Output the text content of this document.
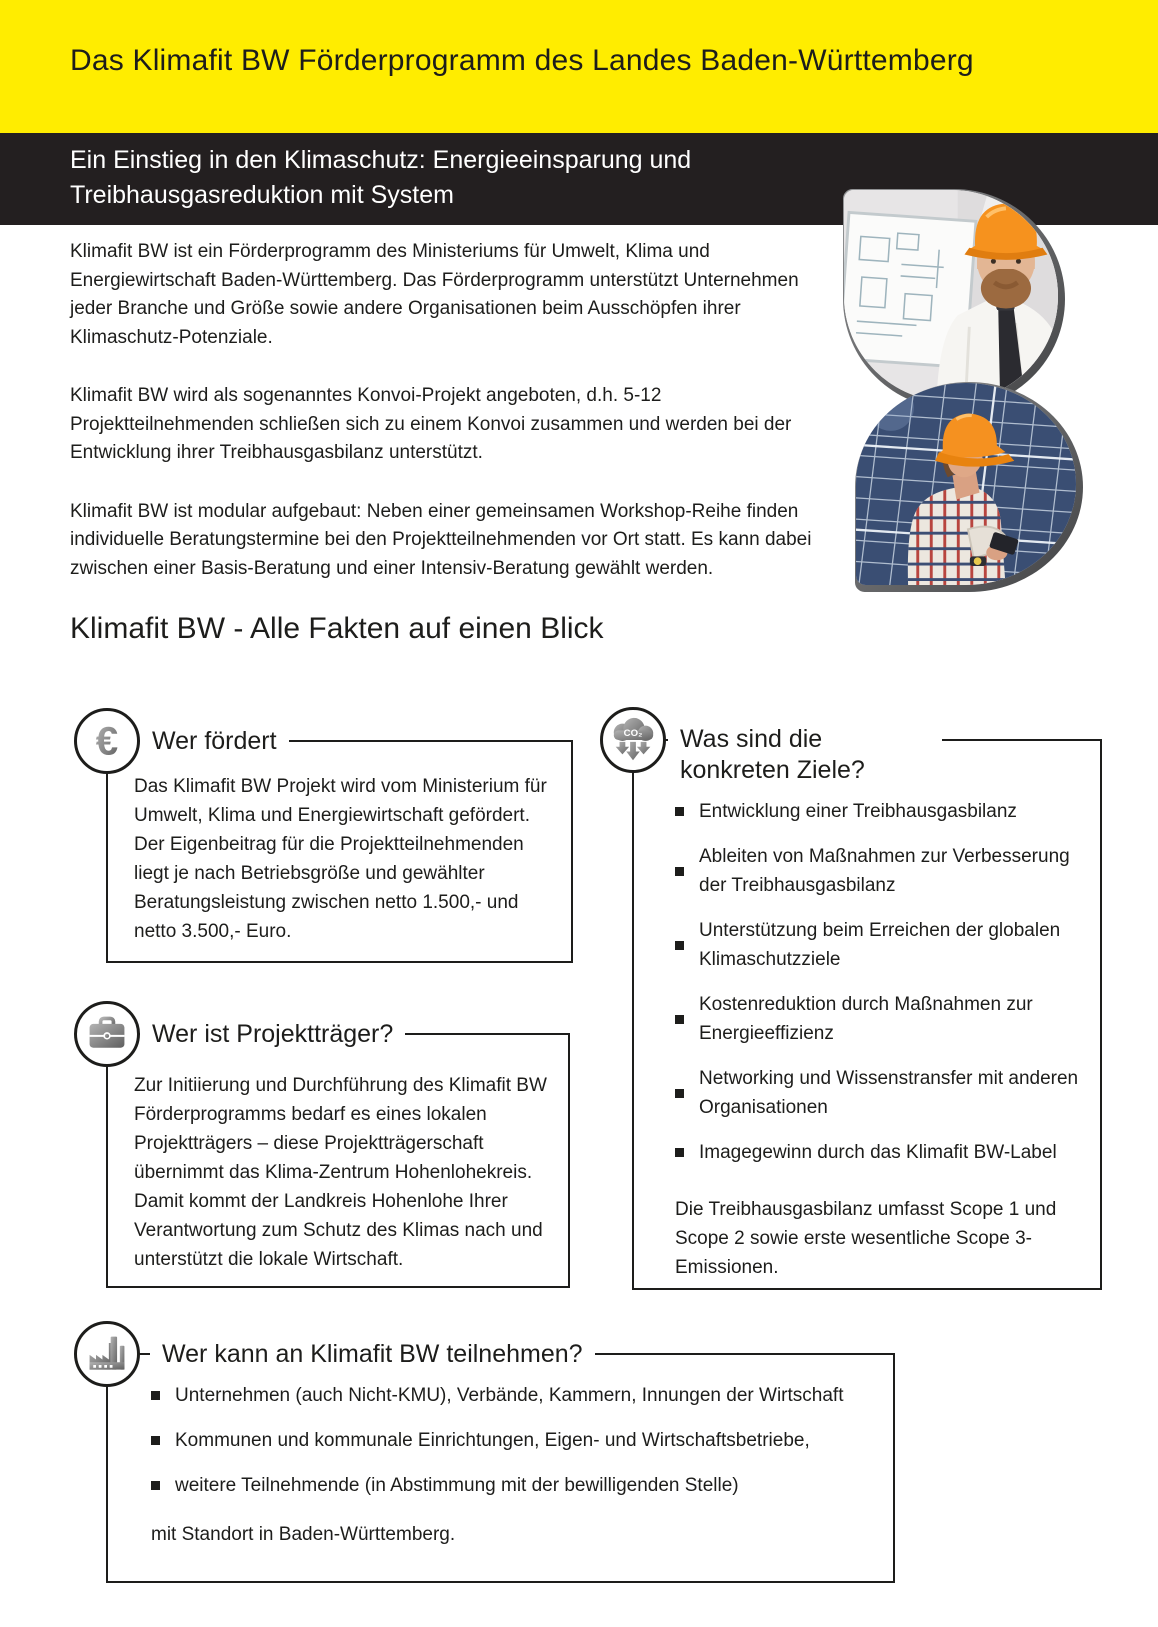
Das Klimafit BW Förderprogramm des Landes Baden-Württemberg
Ein Einstieg in den Klimaschutz: Energieeinsparung und Treibhausgasreduktion mit System

Klimafit BW ist ein Förderprogramm des Ministeriums für Umwelt, Klima und Energiewirtschaft Baden-Württemberg. Das Förderprogramm unterstützt Unternehmen jeder Branche und Größe sowie andere Organisationen beim Ausschöpfen ihrer Klimaschutz-Potenziale.

Klimafit BW wird als sogenanntes Konvoi-Projekt angeboten, d.h. 5-12 Projektteilnehmenden schließen sich zu einem Konvoi zusammen und werden bei der Entwicklung ihrer Treibhausgasbilanz unterstützt.

Klimafit BW ist modular aufgebaut: Neben einer gemeinsamen Workshop-Reihe finden individuelle Beratungstermine bei den Projektteilnehmenden vor Ort statt. Es kann dabei zwischen einer Basis-Beratung und einer Intensiv-Beratung gewählt werden.

Klimafit BW - Alle Fakten auf einen Blick
€	Wer fördert

Das Klimafit BW Projekt wird vom Ministerium für Umwelt, Klima und Energiewirtschaft gefördert. Der Eigenbeitrag für die Projektteilnehmenden liegt je nach Betriebsgröße und gewählter Beratungsleistung zwischen netto 1.500,- und netto 3.500,- Euro.

CO₂	Was sind die konkreten Ziele?
Entwicklung einer Treibhausgasbilanz
Ableiten von Maßnahmen zur Verbesserung der Treibhausgasbilanz
Unterstützung beim Erreichen der globalen Klimaschutzziele
Kostenreduktion durch Maßnahmen zur Energieeffizienz
Networking und Wissenstransfer mit anderen Organisationen
Imagegewinn durch das Klimafit BW-Label

Die Treibhausgasbilanz umfasst Scope 1 und Scope 2 sowie erste wesentliche Scope 3-Emissionen.

Wer ist Projektträger?

Zur Initiierung und Durchführung des Klimafit BW Förderprogramms bedarf es eines lokalen Projektträgers – diese Projektträgerschaft übernimmt das Klima-Zentrum Hohenlohekreis. Damit kommt der Landkreis Hohenlohe Ihrer Verantwortung zum Schutz des Klimas nach und unterstützt die lokale Wirtschaft.

Wer kann an Klimafit BW teilnehmen?
Unternehmen (auch Nicht-KMU), Verbände, Kammern, Innungen der Wirtschaft
Kommunen und kommunale Einrichtungen, Eigen- und Wirtschaftsbetriebe,
weitere Teilnehmende (in Abstimmung mit der bewilligenden Stelle)

mit Standort in Baden-Württemberg.
